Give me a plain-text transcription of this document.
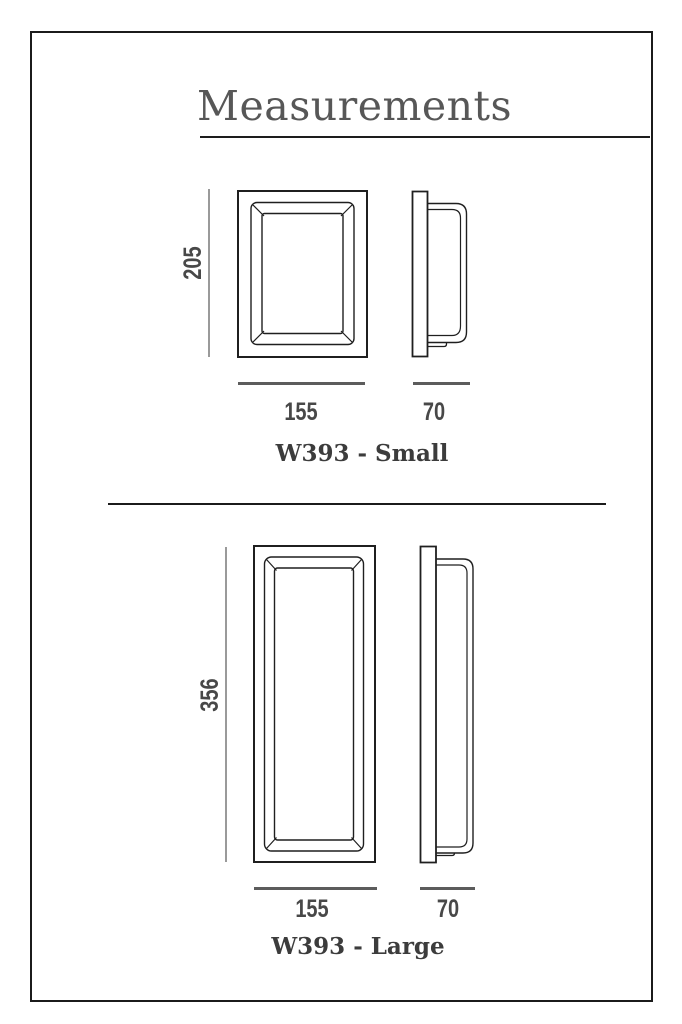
Measurements
205
155	70
W393 - Small
356
155	70
W393 - Large
